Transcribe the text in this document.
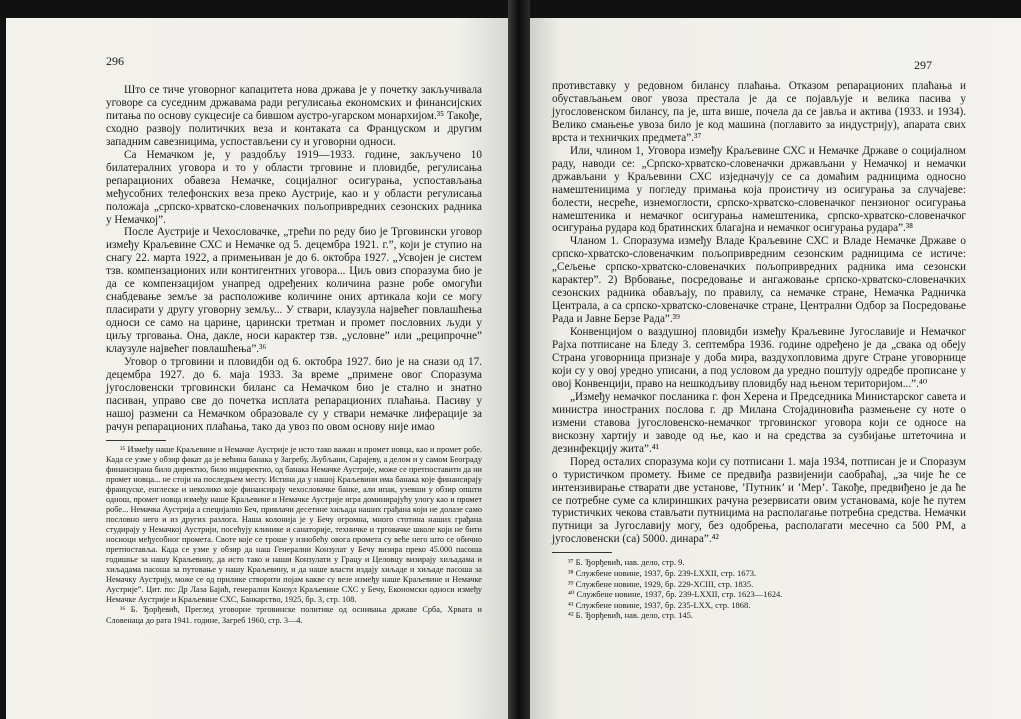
296

Што се тиче уговорног капацитета нова држава је у почетку закључивала уговоре са суседним државама ради регулисања економских и финансијских питања по основу сукцесије са бившом аустро-угарском монархијом.³⁵ Такође, сходно развоју политичких веза и контаката са Француском и другим западним савезницима, успостављени су и уговорни односи.

Са Немачком је, у раздобљу 1919—1933. године, закључено 10 билатералних уговора и то у области трговине и пловидбе, регулисања репарационих обавеза Немачке, социјалног осигурања, успостављања међусобних телефонских веза преко Аустрије, као и у области регулисања положаја „српско-хрватско-словеначких пољопривредних сезонских радника у Немачкој”.

После Аустрије и Чехословачке, „трећи по реду био је Трговински уговор између Краљевине СХС и Немачке од 5. децембра 1921. г.”, који је ступио на снагу 22. марта 1922, а примењиван је до 6. октобра 1927. „Усвојен је систем тзв. компензационих или контигентних уговора... Циљ овиз споразума био је да се компензацијом унапред одређених количина разне робе омогући снабдевање земље за расположиве количине оних артикала који се могу пласирати у другу уговорну земљу... У ствари, клаузула највећег повлашћења односи се само на царине, царински третман и промет пословних људи у циљу трговања. Она, дакле, носи карактер тзв. „условне” или „реципрочне” клаузуле највећег повлашћења”.³⁶

Уговор о трговини и пловидби од 6. октобра 1927. био је на снази од 17. децембра 1927. до 6. маја 1933. За време „примене овог Споразума југословенски трговински биланс са Немачком био је стално и знатно пасиван, управо све до почетка исплата репарационих плаћања. Пасиву у нашој размени са Немачком образовале су у ствари немачке лиферације за рачун репарационих плаћања, тако да увоз по овом основу није имао

³⁵ Између наше Краљевине и Немачке Аустрије је исто тако важан и промет новца, као и промет робе. Када се узме у обзир факат да је већина банака у Загребу, Љубљани, Сарајеву, а делом и у самом Београду финансирана било директно, било индиректно, од банака Немачке Аустрије, може се претпоставити да ни промет новца... не стоји на последњем месту. Истина да у нашој Краљевини има банака које финансирају француске, енглеске и неколико које финансирају чехословачке банке, али ипак, узевши у обзир општи однош, промет новца између наше Краљевине и Немачке Аустрије игра доминирајућу улогу као и промет робе... Немачка Аустрија а специјално Беч, привлачи десетине хиљада наших грађана који не долазе само пословно него и из других разлога. Наша колонија је у Бечу огромна, много стотина наших грађана студирају у Немачкој Аустрији, посећују клинике и санаторије, техничке и трговачке школе који не бити носиоци међусобног промета. Своте које се троше у изнобећу овога промета су веће него што се обично претпоставља. Када се узме у обзир да наш Генерални Конзулат у Бечу визира преко 45.000 пасоша годишње за нашу Краљевину, да исто тако и наши Конзулати у Грацу и Целовцу визирају хиљадама и хиљадама пасоша за путовање у нашу Краљевину, и да наше власти издају хиљаде и хиљаде пасоша за Немачку Аустрију, може се од прилике створити појам какве су везе између наше Краљевине и Немачке Аустрије”. Цит. по: Др Лаза Бајић, генерални Конзул Краљевине СХС у Бечу, Економски односи између Немачке Аустрије и Краљевине СХС, Банкарство, 1925, бр. 3, стр. 108.

³⁶ Б. Ђорђевић, Преглед уговорне трговинске политике од оснивања државе Срба, Хрвата и Словенаца до рата 1941. године, Загреб 1960, стр. 3—4.

297

противставку у редовном билансу плаћања. Отказом репарационих плаћања и обустављањем овог увоза престала је да се појављује и велика пасива у југословенском билансу, па је, шта више, почела да се јавља и актива (1933. и 1934). Велико смањење увоза било је код машина (поглавито за индустрију), апарата свих врста и техничких предмета”.³⁷

Или, члином 1, Уговора између Краљевине СХС и Немачке Државе о социјалном раду, наводи се: „Српско-хрватско-словеначки држављани у Немачкој и немачки држављани у Краљевини СХС изједначују се са домаћим радницима односно намештеницима у погледу примања која проистичу из осигурања за случајеве: болести, несреће, изнемоглости, српско-хрватско-словеначког пензионог осигурања намештеника и немачког осигурања намештеника, српско-хрватско-словеначког осигурања рудара код братинских благајна и немачког осигурања рудара”.³⁸

Чланом 1. Споразума између Владе Краљевине СХС и Владе Немачке Државе о српско-хрватско-словеначким пољопривредним сезонским радницима се истиче: „Сељење српско-хрватско-словеначких пољопривредних радника има сезонски карактер”. 2) Врбовање, посредовање и ангажовање српско-хрватско-словеначких сезонских радника обављају, по правилу, са немачке стране, Немачка Радничка Централа, а са српско-хрватско-словеначке стране, Централни Одбор за Посредовање Рада и Јавне Берзе Рада”.³⁹

Конвенцијом о ваздушној пловидби између Краљевине Југославије и Немачког Рајха потписане на Бледу 3. септембра 1936. године одређено је да „свака од обеју Страна уговорница признаје у доба мира, ваздухопловима друге Стране уговорнице који су у овој уредно уписани, а под условом да уредно поштују одредбе прописане у овој Конвенцији, право на нешкодљиву пловидбу над њеном територијом...”.⁴⁰

„Између немачког посланика г. фон Херена и Председника Министарског савета и министра иностраних послова г. др Милана Стојадиновића размењене су ноте о измени ставова југословенско-немачког трговинског уговора који се односе на вискозну хартију и заводе од ње, као и на средства за сузбијање штеточина и дезинфекцију жита”.⁴¹

Поред осталих споразума који су потписани 1. маја 1934, потписан је и Споразум о туристичком промету. Њиме се предвиђа развијенији саобраћај, „за чије ће се интензивирање стварати две установе, ’Путник’ и ’Мер’. Такође, предвиђено је да ће се потребне суме са клириншких рачуна резервисати овим установама, које ће путем туристичких чекова стављати путницима на располагање потребна средства. Немачки путници за Југославију могу, без одобрења, располагати месечно са 500 РМ, а југословенски (са) 5000. динара”.⁴²

³⁷ Б. Ђорђевић, нав. дело, стр. 9.
³⁸ Службене новине, 1937, бр. 239-LXXII, стр. 1673.
³⁹ Службене новине, 1929, бр. 229-XCIII, стр. 1835.
⁴⁰ Службене новине, 1937, бр. 239-LXXII, стр. 1623—1624.
⁴¹ Службене новине, 1937, бр. 235-LXX, стр. 1868.
⁴² Б. Ђорђевић, нав. дело, стр. 145.
